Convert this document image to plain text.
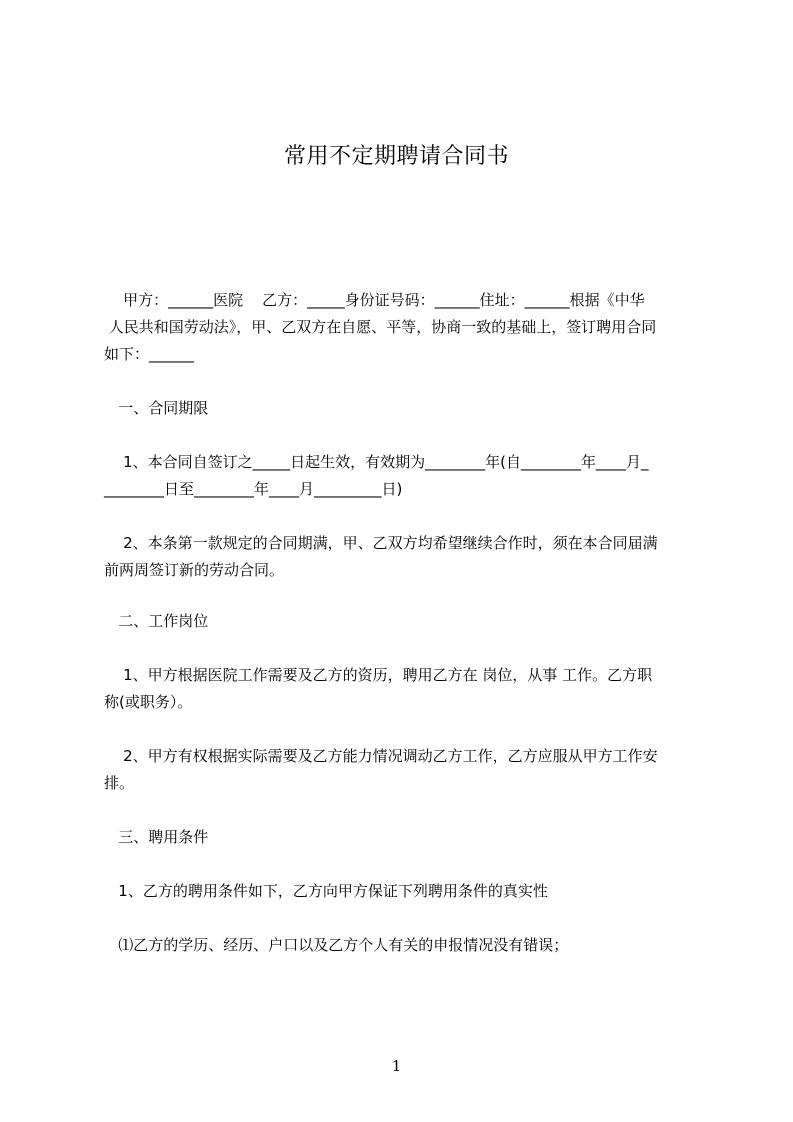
常用不定期聘请合同书
甲方：______医院    乙方：_____身份证号码：______住址：______根据《中华
人民共和国劳动法》，甲、乙双方在自愿、平等，协商一致的基础上，签订聘用合同
如下：______
一、合同期限
1、本合同自签订之_____日起生效，有效期为________年(自________年____月_
________日至________年____月_________日)
2、本条第一款规定的合同期满，甲、乙双方均希望继续合作时，须在本合同届满
前两周签订新的劳动合同。
二、工作岗位
1、甲方根据医院工作需要及乙方的资历，聘用乙方在 岗位，从事 工作。乙方职
称(或职务）。
2、甲方有权根据实际需要及乙方能力情况调动乙方工作，乙方应服从甲方工作安
排。
三、聘用条件
1、乙方的聘用条件如下，乙方向甲方保证下列聘用条件的真实性
⑴乙方的学历、经历、户口以及乙方个人有关的申报情况没有错误；
1
